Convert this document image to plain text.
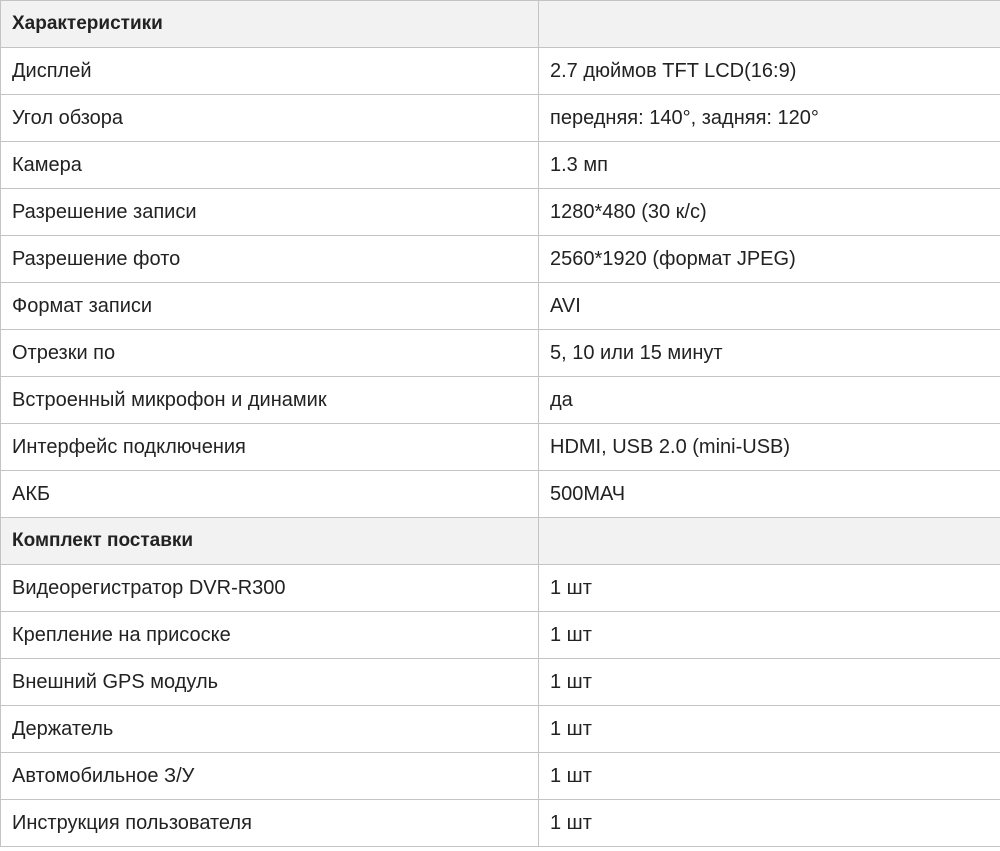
Характеристики	
Дисплей	2.7 дюймов TFT LCD(16:9)
Угол обзора	передняя: 140°, задняя: 120°
Камера	1.3 мп
Разрешение записи	1280*480 (30 к/с)
Разрешение фото	2560*1920 (формат JPEG)
Формат записи	AVI
Отрезки по	5, 10 или 15 минут
Встроенный микрофон и динамик	да
Интерфейс подключения	HDMI, USB 2.0 (mini-USB)
АКБ	500МАЧ
Комплект поставки	
Видеорегистратор DVR-R300	1 шт
Крепление на присоске	1 шт
Внешний GPS модуль	1 шт
Держатель	1 шт
Автомобильное З/У	1 шт
Инструкция пользователя	1 шт
